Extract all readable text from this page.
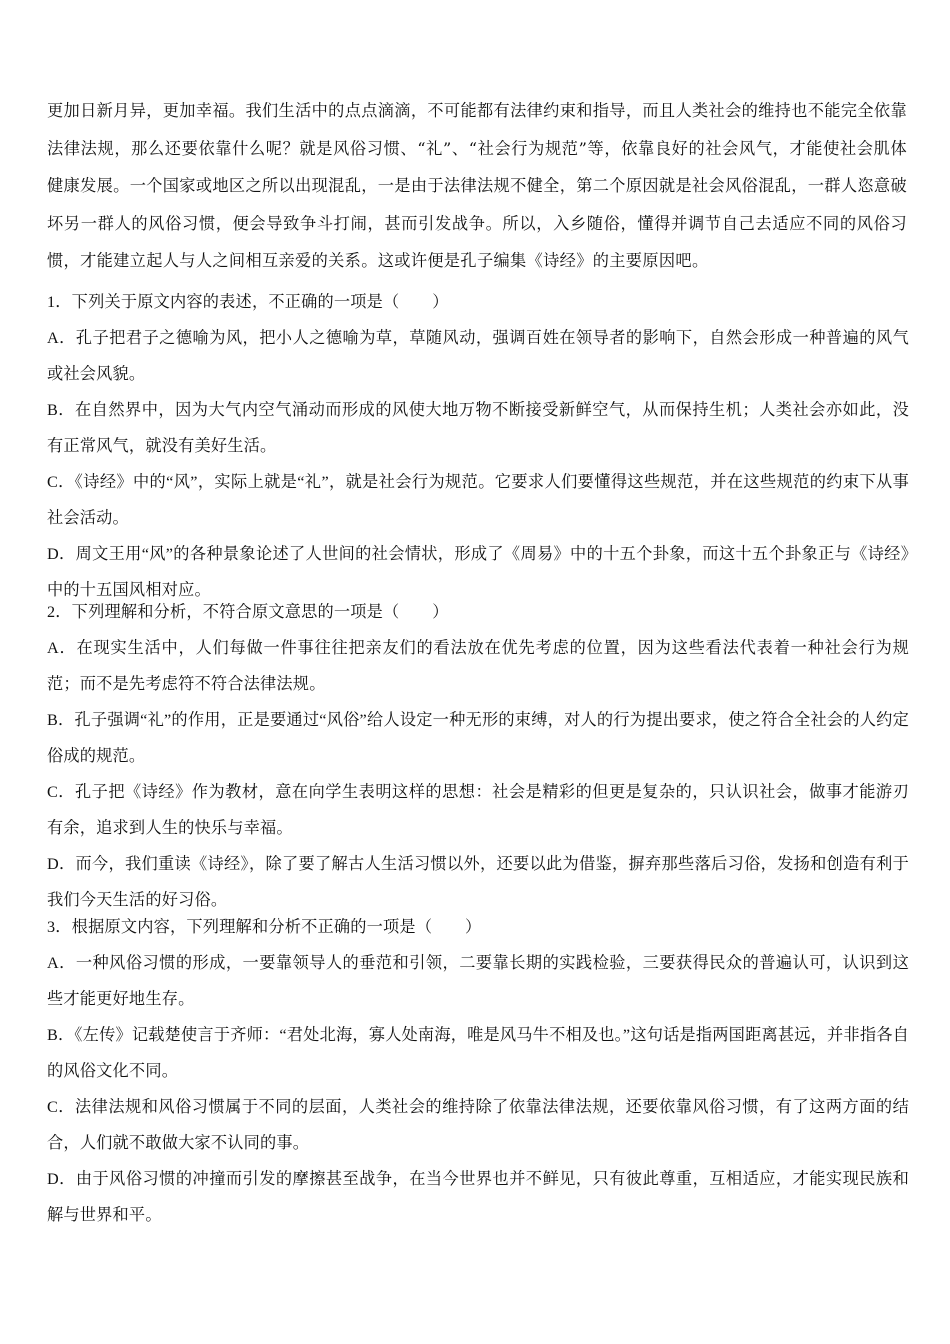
更加日新月异，更加幸福。我们生活中的点点滴滴，不可能都有法律约束和指导，而且人类社会的维持也不能完全依靠法律法规，那么还要依靠什么呢？就是风俗习惯、“礼”、“社会行为规范”等，依靠良好的社会风气，才能使社会肌体健康发展。一个国家或地区之所以出现混乱，一是由于法律法规不健全，第二个原因就是社会风俗混乱，一群人恣意破坏另一群人的风俗习惯，便会导致争斗打闹，甚而引发战争。所以，入乡随俗，懂得并调节自己去适应不同的风俗习惯，才能建立起人与人之间相互亲爱的关系。这或许便是孔子编集《诗经》的主要原因吧。

1．下列关于原文内容的表述，不正确的一项是（　　）

A．孔子把君子之德喻为风，把小人之德喻为草，草随风动，强调百姓在领导者的影响下，自然会形成一种普遍的风气或社会风貌。

B．在自然界中，因为大气内空气涌动而形成的风使大地万物不断接受新鲜空气，从而保持生机；人类社会亦如此，没有正常风气，就没有美好生活。

C．《诗经》中的“风”，实际上就是“礼”，就是社会行为规范。它要求人们要懂得这些规范，并在这些规范的约束下从事社会活动。

D．周文王用“风”的各种景象论述了人世间的社会情状，形成了《周易》中的十五个卦象，而这十五个卦象正与《诗经》中的十五国风相对应。

2．下列理解和分析，不符合原文意思的一项是（　　）

A．在现实生活中，人们每做一件事往往把亲友们的看法放在优先考虑的位置，因为这些看法代表着一种社会行为规范；而不是先考虑符不符合法律法规。

B．孔子强调“礼”的作用，正是要通过“风俗”给人设定一种无形的束缚，对人的行为提出要求，使之符合全社会的人约定俗成的规范。

C．孔子把《诗经》作为教材，意在向学生表明这样的思想：社会是精彩的但更是复杂的，只认识社会，做事才能游刃有余，追求到人生的快乐与幸福。

D．而今，我们重读《诗经》，除了要了解古人生活习惯以外，还要以此为借鉴，摒弃那些落后习俗，发扬和创造有利于我们今天生活的好习俗。

3．根据原文内容，下列理解和分析不正确的一项是（　　）

A．一种风俗习惯的形成，一要靠领导人的垂范和引领，二要靠长期的实践检验，三要获得民众的普遍认可，认识到这些才能更好地生存。

B．《左传》记载楚使言于齐师：“君处北海，寡人处南海，唯是风马牛不相及也。”这句话是指两国距离甚远，并非指各自的风俗文化不同。

C．法律法规和风俗习惯属于不同的层面，人类社会的维持除了依靠法律法规，还要依靠风俗习惯，有了这两方面的结合，人们就不敢做大家不认同的事。

D．由于风俗习惯的冲撞而引发的摩擦甚至战争，在当今世界也并不鲜见，只有彼此尊重，互相适应，才能实现民族和解与世界和平。
